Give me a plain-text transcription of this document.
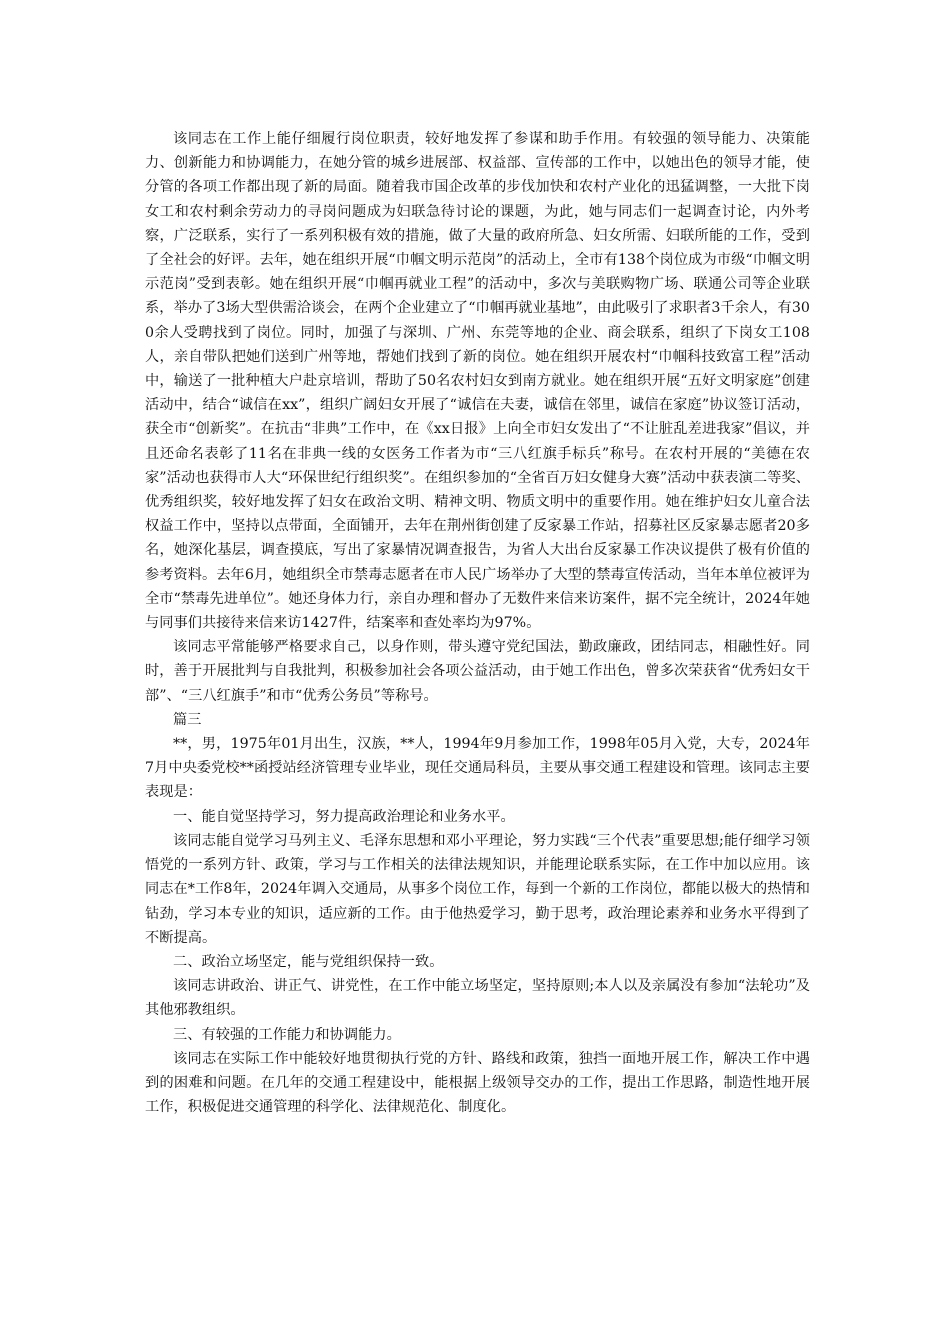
该同志在工作上能仔细履行岗位职责，较好地发挥了参谋和助手作用。有较强的领导能力、决策能力、创新能力和协调能力，在她分管的城乡进展部、权益部、宣传部的工作中，以她出色的领导才能，使分管的各项工作都出现了新的局面。随着我市国企改革的步伐加快和农村产业化的迅猛调整，一大批下岗女工和农村剩余劳动力的寻岗问题成为妇联急待讨论的课题，为此，她与同志们一起调查讨论，内外考察，广泛联系，实行了一系列积极有效的措施，做了大量的政府所急、妇女所需、妇联所能的工作，受到了全社会的好评。去年，她在组织开展“巾帼文明示范岗”的活动上，全市有138个岗位成为市级“巾帼文明示范岗”受到表彰。她在组织开展“巾帼再就业工程”的活动中，多次与美联购物广场、联通公司等企业联系，举办了3场大型供需洽谈会，在两个企业建立了“巾帼再就业基地”，由此吸引了求职者3千余人，有300余人受聘找到了岗位。同时，加强了与深圳、广州、东莞等地的企业、商会联系，组织了下岗女工108人，亲自带队把她们送到广州等地，帮她们找到了新的岗位。她在组织开展农村“巾帼科技致富工程”活动中，输送了一批种植大户赴京培训，帮助了50名农村妇女到南方就业。她在组织开展“五好文明家庭”创建活动中，结合“诚信在xx”，组织广阔妇女开展了“诚信在夫妻，诚信在邻里，诚信在家庭”协议签订活动，获全市“创新奖”。在抗击“非典”工作中，在《xx日报》上向全市妇女发出了“不让脏乱差进我家”倡议，并且还命名表彰了11名在非典一线的女医务工作者为市“三八红旗手标兵”称号。在农村开展的“美德在农家”活动也获得市人大“环保世纪行组织奖”。在组织参加的“全省百万妇女健身大赛”活动中获表演二等奖、优秀组织奖，较好地发挥了妇女在政治文明、精神文明、物质文明中的重要作用。她在维护妇女儿童合法权益工作中，坚持以点带面，全面铺开，去年在荆州街创建了反家暴工作站，招募社区反家暴志愿者20多名，她深化基层，调查摸底，写出了家暴情况调查报告，为省人大出台反家暴工作决议提供了极有价值的参考资料。去年6月，她组织全市禁毒志愿者在市人民广场举办了大型的禁毒宣传活动，当年本单位被评为全市“禁毒先进单位”。她还身体力行，亲自办理和督办了无数件来信来访案件，据不完全统计，2024年她与同事们共接待来信来访1427件，结案率和查处率均为97%。

该同志平常能够严格要求自己，以身作则，带头遵守党纪国法，勤政廉政，团结同志，相融性好。同时，善于开展批判与自我批判，积极参加社会各项公益活动，由于她工作出色，曾多次荣获省“优秀妇女干部”、“三八红旗手”和市“优秀公务员”等称号。

篇三

**，男，1975年01月出生，汉族，**人，1994年9月参加工作，1998年05月入党，大专，2024年7月中央委党校**函授站经济管理专业毕业，现任交通局科员，主要从事交通工程建设和管理。该同志主要表现是：

一、能自觉坚持学习，努力提高政治理论和业务水平。

该同志能自觉学习马列主义、毛泽东思想和邓小平理论，努力实践“三个代表”重要思想;能仔细学习领悟党的一系列方针、政策，学习与工作相关的法律法规知识，并能理论联系实际，在工作中加以应用。该同志在*工作8年，2024年调入交通局，从事多个岗位工作，每到一个新的工作岗位，都能以极大的热情和钻劲，学习本专业的知识，适应新的工作。由于他热爱学习，勤于思考，政治理论素养和业务水平得到了不断提高。

二、政治立场坚定，能与党组织保持一致。

该同志讲政治、讲正气、讲党性，在工作中能立场坚定，坚持原则;本人以及亲属没有参加“法轮功”及其他邪教组织。

三、有较强的工作能力和协调能力。

该同志在实际工作中能较好地贯彻执行党的方针、路线和政策，独挡一面地开展工作，解决工作中遇到的困难和问题。在几年的交通工程建设中，能根据上级领导交办的工作，提出工作思路，制造性地开展工作，积极促进交通管理的科学化、法律规范化、制度化。
